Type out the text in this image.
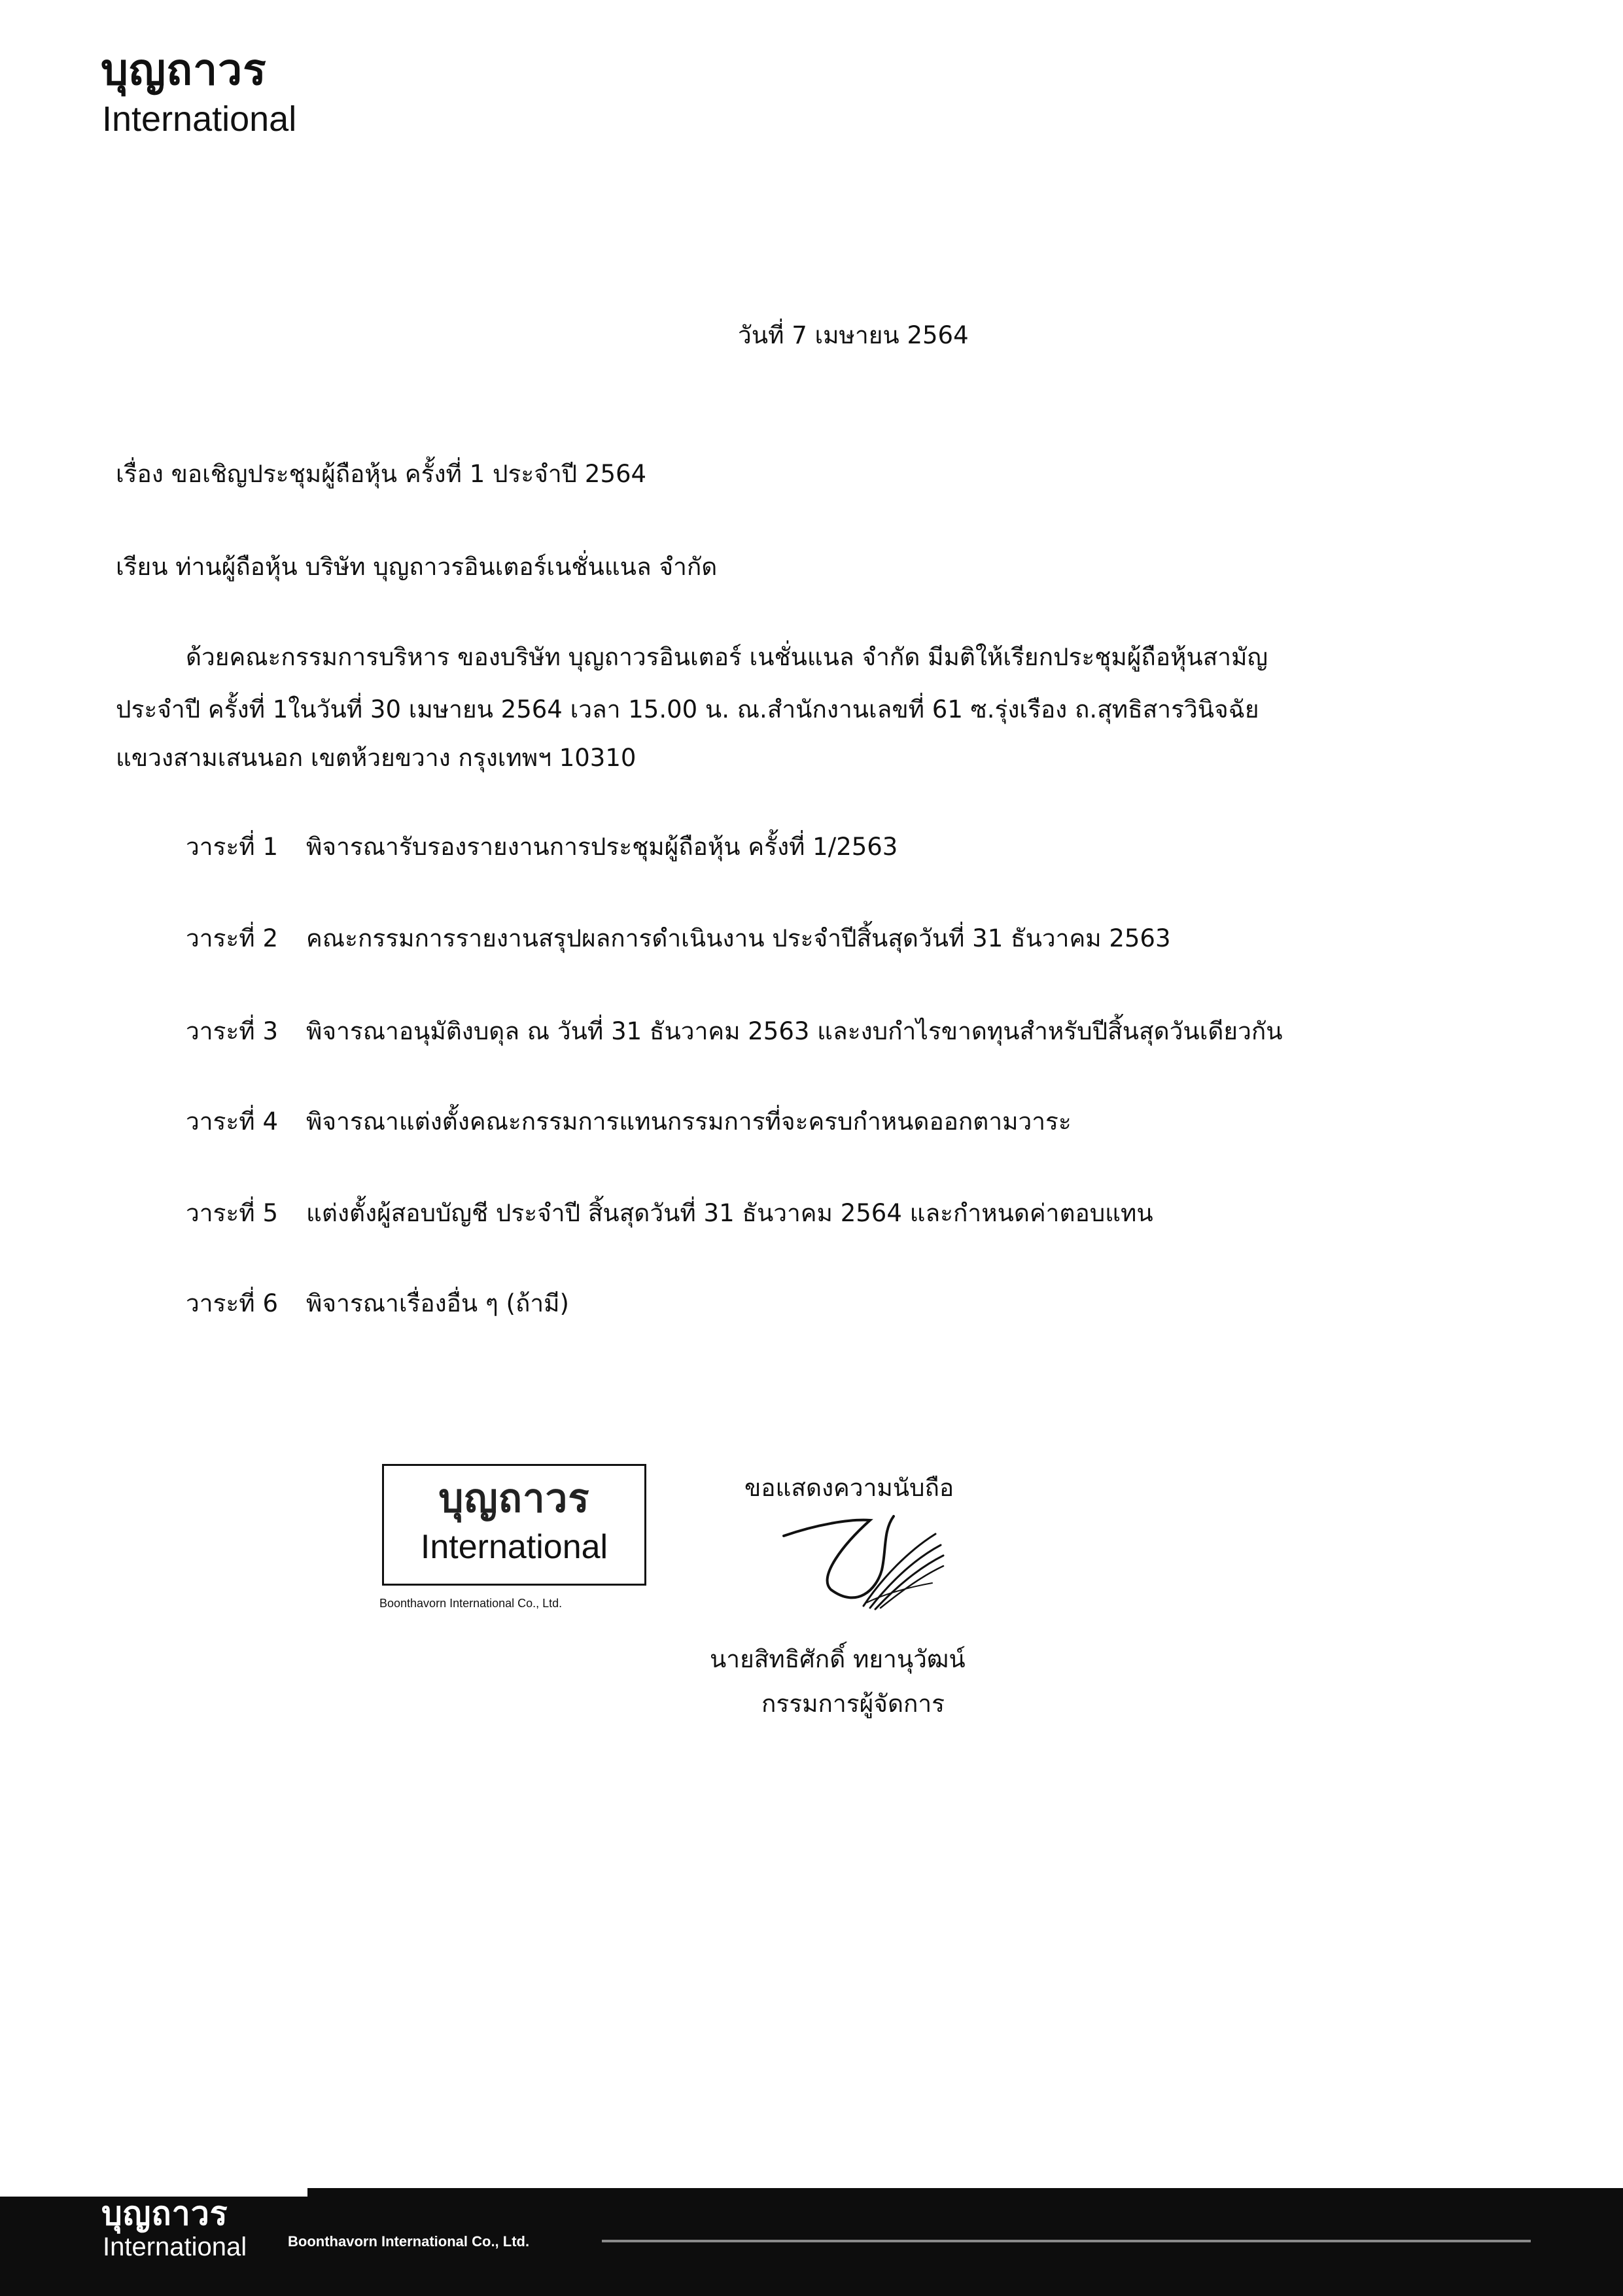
บุญถาวร
International
วันที่ 7 เมษายน 2564
เรื่อง ขอเชิญประชุมผู้ถือหุ้น ครั้งที่ 1 ประจำปี 2564
เรียน ท่านผู้ถือหุ้น บริษัท บุญถาวรอินเตอร์เนชั่นแนล จำกัด
ด้วยคณะกรรมการบริหาร ของบริษัท บุญถาวรอินเตอร์ เนชั่นแนล จำกัด มีมติให้เรียกประชุมผู้ถือหุ้นสามัญ
ประจำปี ครั้งที่ 1ในวันที่ 30 เมษายน 2564 เวลา 15.00 น. ณ.สำนักงานเลขที่ 61 ซ.รุ่งเรือง ถ.สุทธิสารวินิจฉัย
แขวงสามเสนนอก เขตห้วยขวาง กรุงเทพฯ 10310
วาระที่ 1 พิจารณารับรองรายงานการประชุมผู้ถือหุ้น ครั้งที่ 1/2563
วาระที่ 2 คณะกรรมการรายงานสรุปผลการดำเนินงาน ประจำปีสิ้นสุดวันที่ 31 ธันวาคม 2563
วาระที่ 3 พิจารณาอนุมัติงบดุล ณ วันที่ 31 ธันวาคม 2563 และงบกำไรขาดทุนสำหรับปีสิ้นสุดวันเดียวกัน
วาระที่ 4 พิจารณาแต่งตั้งคณะกรรมการแทนกรรมการที่จะครบกำหนดออกตามวาระ
วาระที่ 5 แต่งตั้งผู้สอบบัญชี ประจำปี สิ้นสุดวันที่ 31 ธันวาคม 2564 และกำหนดค่าตอบแทน
วาระที่ 6 พิจารณาเรื่องอื่น ๆ (ถ้ามี)
บุญถาวร
International
Boonthavorn International Co., Ltd.
ขอแสดงความนับถือ
นายสิทธิศักดิ์ ทยานุวัฒน์
กรรมการผู้จัดการ
บุญถาวร
International	Boonthavorn International Co., Ltd.
